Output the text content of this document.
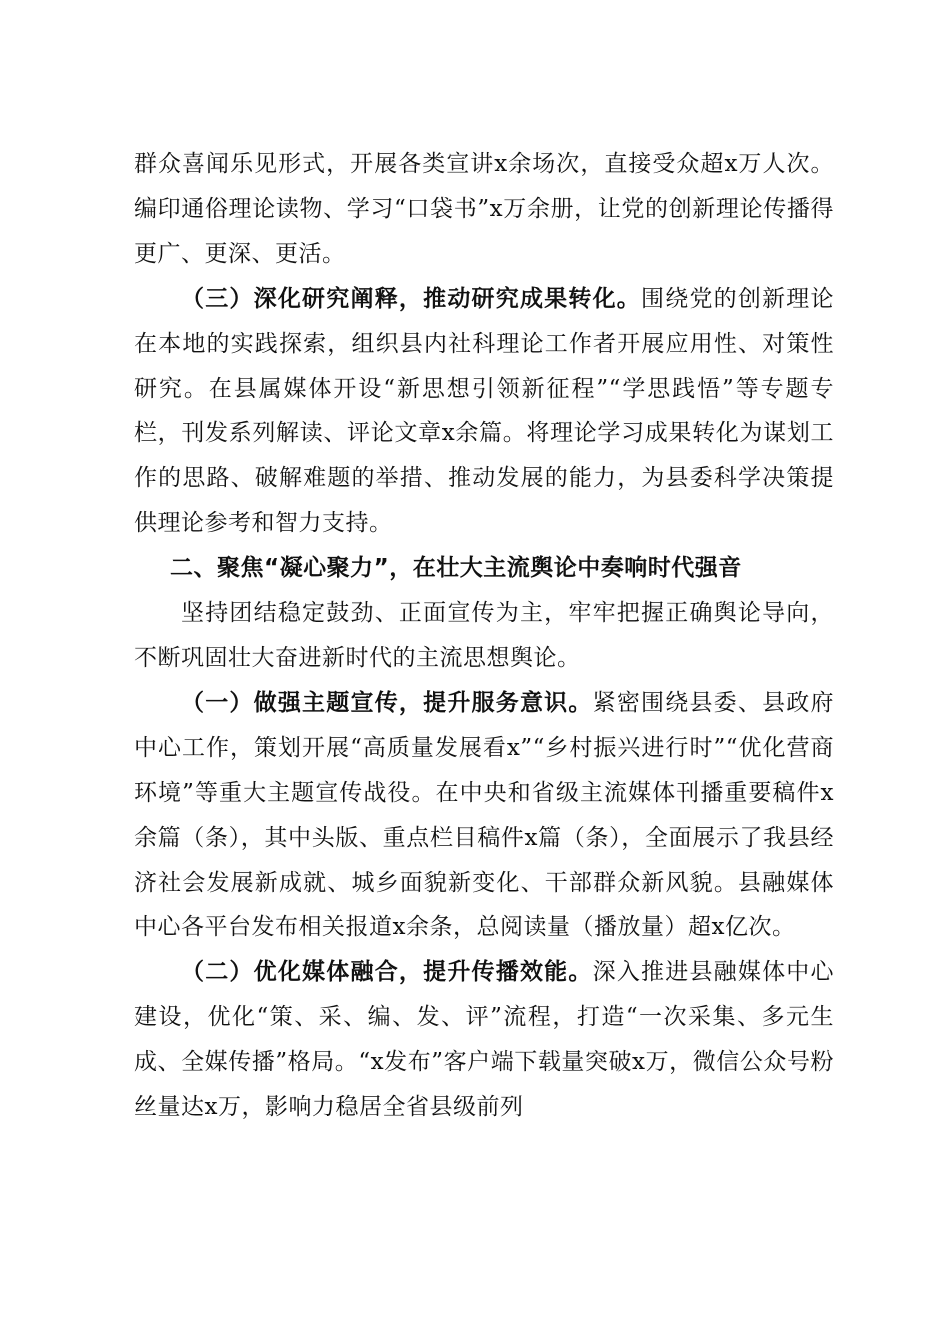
群众喜闻乐见形式，开展各类宣讲x余场次，直接受众超x万人次。编印通俗理论读物、学习“口袋书”x万余册，让党的创新理论传播得更广、更深、更活。

（三）深化研究阐释，推动研究成果转化。围绕党的创新理论在本地的实践探索，组织县内社科理论工作者开展应用性、对策性研究。在县属媒体开设“新思想引领新征程”“学思践悟”等专题专栏，刊发系列解读、评论文章x余篇。将理论学习成果转化为谋划工作的思路、破解难题的举措、推动发展的能力，为县委科学决策提供理论参考和智力支持。

二、聚焦“凝心聚力”，在壮大主流舆论中奏响时代强音

坚持团结稳定鼓劲、正面宣传为主，牢牢把握正确舆论导向，不断巩固壮大奋进新时代的主流思想舆论。

（一）做强主题宣传，提升服务意识。紧密围绕县委、县政府中心工作，策划开展“高质量发展看x”“乡村振兴进行时”“优化营商环境”等重大主题宣传战役。在中央和省级主流媒体刊播重要稿件x余篇（条），其中头版、重点栏目稿件x篇（条），全面展示了我县经济社会发展新成就、城乡面貌新变化、干部群众新风貌。县融媒体中心各平台发布相关报道x余条，总阅读量（播放量）超x亿次。

（二）优化媒体融合，提升传播效能。深入推进县融媒体中心建设，优化“策、采、编、发、评”流程，打造“一次采集、多元生成、全媒传播”格局。“x发布”客户端下载量突破x万，微信公众号粉丝量达x万，影响力稳居全省县级前列
